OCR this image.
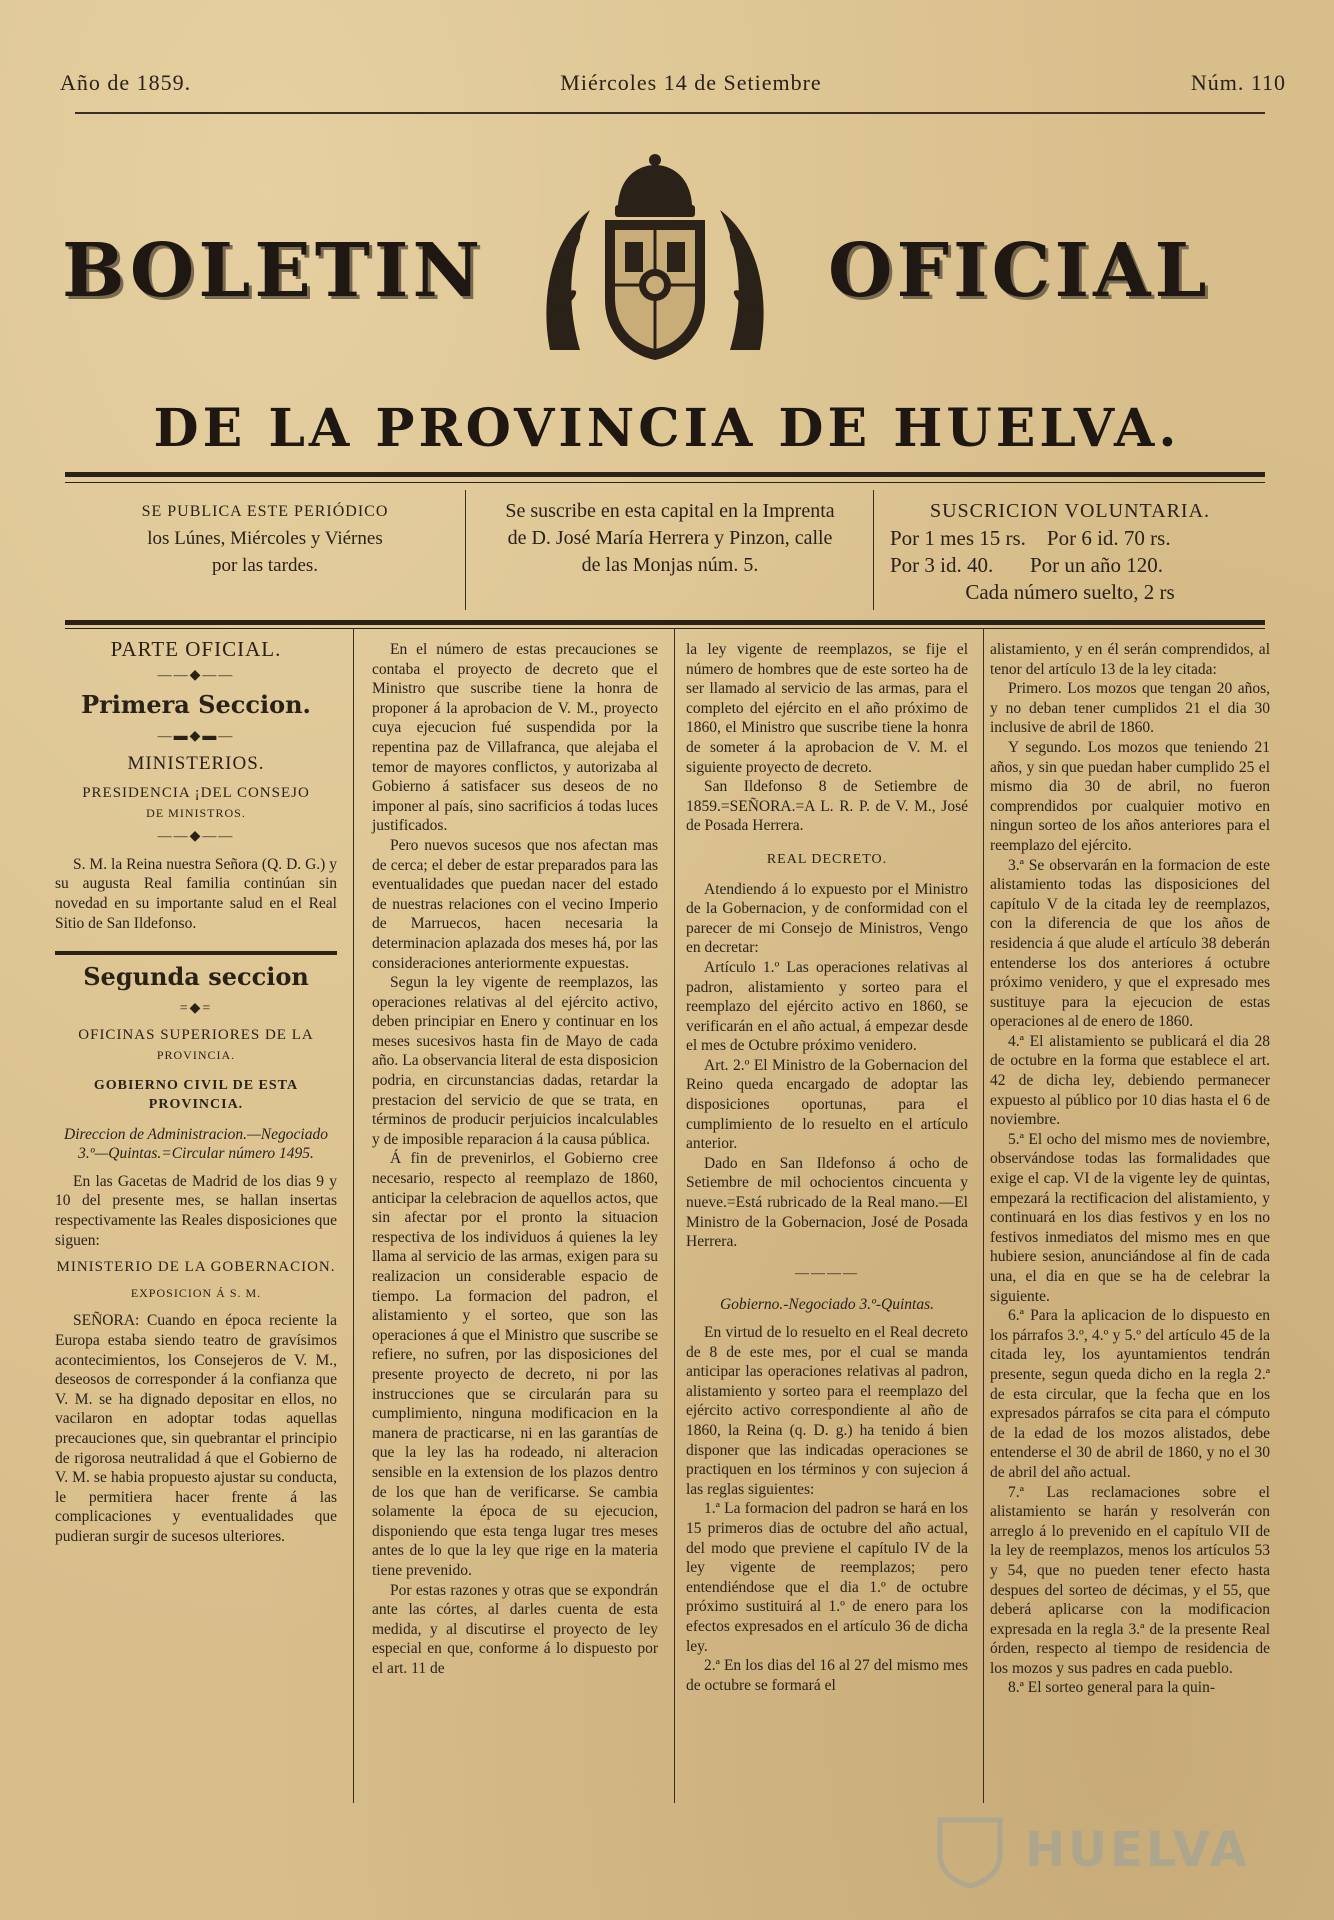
Año de 1859.	Miércoles 14 de Setiembre	Núm. 110
BOLETIN	OFICIAL
DE LA PROVINCIA DE HUELVA.
SE PUBLICA ESTE PERIÓDICO
los Lúnes, Miércoles y Viérnes
por las tardes.
Se suscribe en esta capital en la Imprenta
de D. José María Herrera y Pinzon, calle
de las Monjas núm. 5.
SUSCRICION VOLUNTARIA.
Por 1 mes 15 rs.    Por 6 id. 70 rs.
Por 3 id. 40.       Por un año 120.
Cada número suelto, 2 rs
PARTE OFICIAL.
——◆——
Primera Seccion.
—▬◆▬—
MINISTERIOS.
PRESIDENCIA ¡DEL CONSEJO
DE MINISTROS.
——◆——

S. M. la Reina nuestra Señora (Q. D. G.) y su augusta Real familia continúan sin novedad en su importante salud en el Real Sitio de San Ildefonso.

Segunda seccion
=◆=
OFICINAS SUPERIORES DE LA
PROVINCIA.
GOBIERNO CIVIL DE ESTA PROVINCIA.
Direccion de Administracion.—Negociado 3.º—Quintas.=Circular número 1495.

En las Gacetas de Madrid de los dias 9 y 10 del presente mes, se hallan insertas respectivamente las Reales disposiciones que siguen:

MINISTERIO DE LA GOBERNACION.
EXPOSICION Á S. M.

SEÑORA: Cuando en época reciente la Europa estaba siendo teatro de gravísimos acontecimientos, los Consejeros de V. M., deseosos de corresponder á la confianza que V. M. se ha dignado depositar en ellos, no vacilaron en adoptar todas aquellas precauciones que, sin quebrantar el principio de rigorosa neutralidad á que el Gobierno de V. M. se habia propuesto ajustar su conducta, le permitiera hacer frente á las complicaciones y eventualidades que pudieran surgir de sucesos ulteriores.

En el número de estas precauciones se contaba el proyecto de decreto que el Ministro que suscribe tiene la honra de proponer á la aprobacion de V. M., proyecto cuya ejecucion fué suspendida por la repentina paz de Villafranca, que alejaba el temor de mayores conflictos, y autorizaba al Gobierno á satisfacer sus deseos de no imponer al país, sino sacrificios á todas luces justificados.

Pero nuevos sucesos que nos afectan mas de cerca; el deber de estar preparados para las eventualidades que puedan nacer del estado de nuestras relaciones con el vecino Imperio de Marruecos, hacen necesaria la determinacion aplazada dos meses há, por las consideraciones anteriormente expuestas.

Segun la ley vigente de reemplazos, las operaciones relativas al del ejército activo, deben principiar en Enero y continuar en los meses sucesivos hasta fin de Mayo de cada año. La observancia literal de esta disposicion podria, en circunstancias dadas, retardar la prestacion del servicio de que se trata, en términos de producir perjuicios incalculables y de imposible reparacion á la causa pública.

Á fin de prevenirlos, el Gobierno cree necesario, respecto al reemplazo de 1860, anticipar la celebracion de aquellos actos, que sin afectar por el pronto la situacion respectiva de los individuos á quienes la ley llama al servicio de las armas, exigen para su realizacion un considerable espacio de tiempo. La formacion del padron, el alistamiento y el sorteo, que son las operaciones á que el Ministro que suscribe se refiere, no sufren, por las disposiciones del presente proyecto de decreto, ni por las instrucciones que se circularán para su cumplimiento, ninguna modificacion en la manera de practicarse, ni en las garantías de que la ley las ha rodeado, ni alteracion sensible en la extension de los plazos dentro de los que han de verificarse. Se cambia solamente la época de su ejecucion, disponiendo que esta tenga lugar tres meses antes de lo que la ley que rige en la materia tiene prevenido.

Por estas razones y otras que se expondrán ante las córtes, al darles cuenta de esta medida, y al discutirse el proyecto de ley especial en que, conforme á lo dispuesto por el art. 11 de

la ley vigente de reemplazos, se fije el número de hombres que de este sorteo ha de ser llamado al servicio de las armas, para el completo del ejército en el año próximo de 1860, el Ministro que suscribe tiene la honra de someter á la aprobacion de V. M. el siguiente proyecto de decreto.

San Ildefonso 8 de Setiembre de 1859.=SEÑORA.=A L. R. P. de V. M., José de Posada Herrera.

REAL DECRETO.

Atendiendo á lo expuesto por el Ministro de la Gobernacion, y de conformidad con el parecer de mi Consejo de Ministros, Vengo en decretar:

Artículo 1.º Las operaciones relativas al padron, alistamiento y sorteo para el reemplazo del ejército activo en 1860, se verificarán en el año actual, á empezar desde el mes de Octubre próximo venidero.

Art. 2.º El Ministro de la Gobernacion del Reino queda encargado de adoptar las disposiciones oportunas, para el cumplimiento de lo resuelto en el artículo anterior.

Dado en San Ildefonso á ocho de Setiembre de mil ochocientos cincuenta y nueve.=Está rubricado de la Real mano.—El Ministro de la Gobernacion, José de Posada Herrera.

————
Gobierno.-Negociado 3.º-Quintas.

En virtud de lo resuelto en el Real decreto de 8 de este mes, por el cual se manda anticipar las operaciones relativas al padron, alistamiento y sorteo para el reemplazo del ejército activo correspondiente al año de 1860, la Reina (q. D. g.) ha tenido á bien disponer que las indicadas operaciones se practiquen en los términos y con sujecion á las reglas siguientes:

1.ª La formacion del padron se hará en los 15 primeros dias de octubre del año actual, del modo que previene el capítulo IV de la ley vigente de reemplazos; pero entendiéndose que el dia 1.º de octubre próximo sustituirá al 1.º de enero para los efectos expresados en el artículo 36 de dicha ley.

2.ª En los dias del 16 al 27 del mismo mes de octubre se formará el

alistamiento, y en él serán comprendidos, al tenor del artículo 13 de la ley citada:

Primero. Los mozos que tengan 20 años, y no deban tener cumplidos 21 el dia 30 inclusive de abril de 1860.

Y segundo. Los mozos que teniendo 21 años, y sin que puedan haber cumplido 25 el mismo dia 30 de abril, no fueron comprendidos por cualquier motivo en ningun sorteo de los años anteriores para el reemplazo del ejército.

3.ª Se observarán en la formacion de este alistamiento todas las disposiciones del capítulo V de la citada ley de reemplazos, con la diferencia de que los años de residencia á que alude el artículo 38 deberán entenderse los dos anteriores á octubre próximo venidero, y que el expresado mes sustituye para la ejecucion de estas operaciones al de enero de 1860.

4.ª El alistamiento se publicará el dia 28 de octubre en la forma que establece el art. 42 de dicha ley, debiendo permanecer expuesto al público por 10 dias hasta el 6 de noviembre.

5.ª El ocho del mismo mes de noviembre, observándose todas las formalidades que exige el cap. VI de la vigente ley de quintas, empezará la rectificacion del alistamiento, y continuará en los dias festivos y en los no festivos inmediatos del mismo mes en que hubiere sesion, anunciándose al fin de cada una, el dia en que se ha de celebrar la siguiente.

6.ª Para la aplicacion de lo dispuesto en los párrafos 3.º, 4.º y 5.º del artículo 45 de la citada ley, los ayuntamientos tendrán presente, segun queda dicho en la regla 2.ª de esta circular, que la fecha que en los expresados párrafos se cita para el cómputo de la edad de los mozos alistados, debe entenderse el 30 de abril de 1860, y no el 30 de abril del año actual.

7.ª Las reclamaciones sobre el alistamiento se harán y resolverán con arreglo á lo prevenido en el capítulo VII de la ley de reemplazos, menos los artículos 53 y 54, que no pueden tener efecto hasta despues del sorteo de décimas, y el 55, que deberá aplicarse con la modificacion expresada en la regla 3.ª de la presente Real órden, respecto al tiempo de residencia de los mozos y sus padres en cada pueblo.

8.ª El sorteo general para la quin-

HUELVA
